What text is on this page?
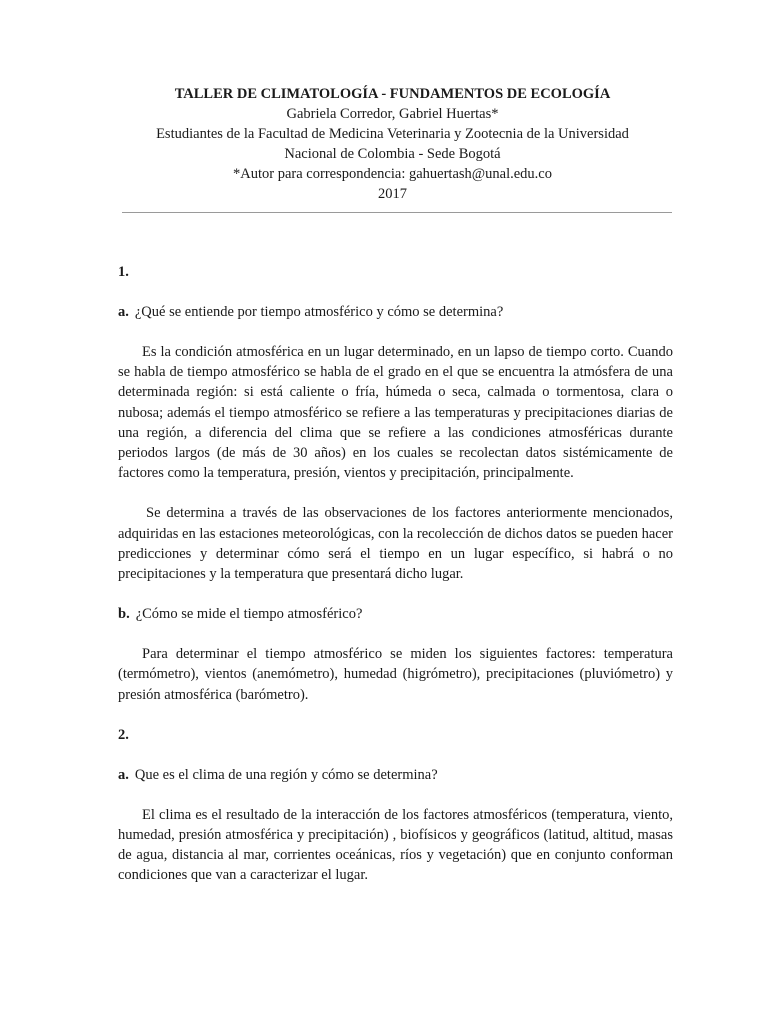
TALLER DE CLIMATOLOGÍA - FUNDAMENTOS DE ECOLOGÍA
Gabriela Corredor, Gabriel Huertas*
Estudiantes de la Facultad de Medicina Veterinaria y Zootecnia de la Universidad
Nacional de Colombia - Sede Bogotá
*Autor para correspondencia: gahuertash@unal.edu.co
2017
1.
a. ¿Qué se entiende por tiempo atmosférico y cómo se determina?

Es la condición atmosférica en un lugar determinado, en un lapso de tiempo corto. Cuando se habla de tiempo atmosférico se habla de el grado en el que se encuentra la atmósfera de una determinada región: si está caliente o fría, húmeda o seca, calmada o tormentosa, clara o nubosa; además el tiempo atmosférico se refiere a las temperaturas y precipitaciones diarias de una región, a diferencia del clima que se refiere a las condiciones atmosféricas durante periodos largos (de más de 30 años) en los cuales se recolectan datos sistémicamente de factores como la temperatura, presión, vientos y precipitación, principalmente.

Se determina a través de las observaciones de los factores anteriormente mencionados, adquiridas en las estaciones meteorológicas, con la recolección de dichos datos se pueden hacer predicciones y determinar cómo será el tiempo en un lugar específico, si habrá o no precipitaciones y la temperatura que presentará dicho lugar.

b. ¿Cómo se mide el tiempo atmosférico?

Para determinar el tiempo atmosférico se miden los siguientes factores: temperatura (termómetro), vientos (anemómetro), humedad (higrómetro), precipitaciones (pluviómetro) y presión atmosférica (barómetro).

2.
a. Que es el clima de una región y cómo se determina?

El clima es el resultado de la interacción de los factores atmosféricos (temperatura, viento, humedad, presión atmosférica y precipitación) , biofísicos y geográficos (latitud, altitud, masas de agua, distancia al mar, corrientes oceánicas, ríos y vegetación) que en conjunto conforman condiciones que van a caracterizar el lugar.
